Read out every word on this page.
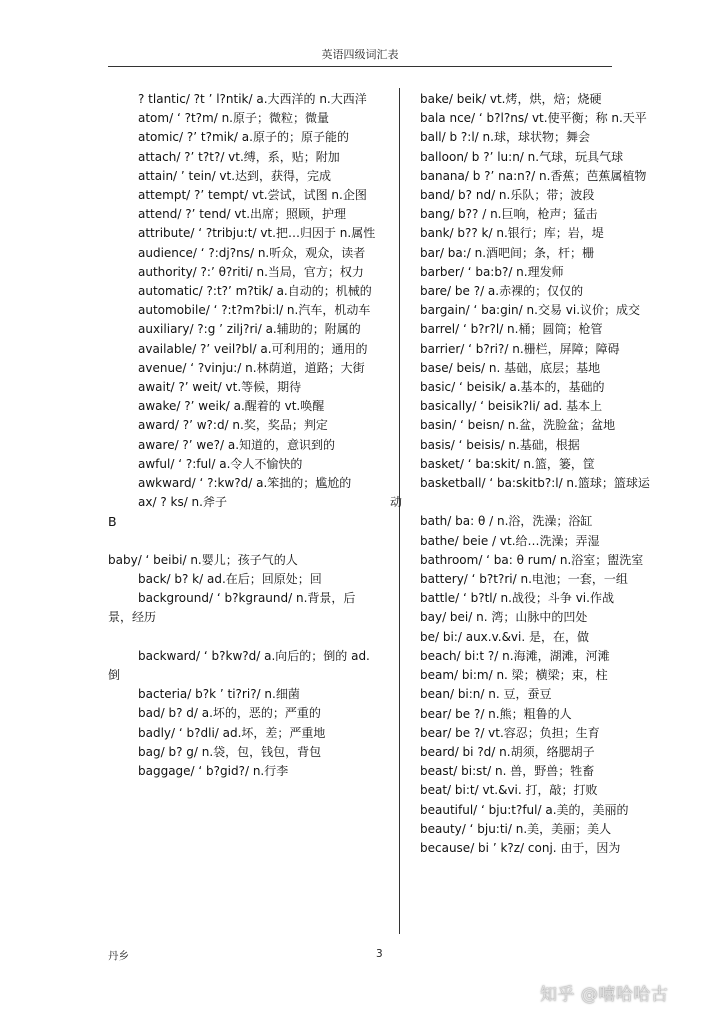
英语四级词汇表
? tlantic/ ?t ’ l?ntik/ a.大西洋的 n.大西洋
atom/ ‘ ?t?m/ n.原子；微粒；微量
atomic/ ?’ t?mik/ a.原子的；原子能的
attach/ ?’ t?t?/ vt.缚，系，贴；附加
attain/ ’ tein/ vt.达到，获得，完成
attempt/ ?’ tempt/ vt.尝试，试图 n.企图
attend/ ?’ tend/ vt.出席；照顾，护理
attribute/ ‘ ?tribju:t/ vt.把…归因于 n.属性
audience/ ‘ ?:dj?ns/ n.听众，观众，读者
authority/ ?:’ θ?riti/ n.当局，官方；权力
automatic/ ?:t?’ m?tik/ a.自动的；机械的
automobile/ ‘ ?:t?m?bi:l/ n.汽车，机动车
auxiliary/ ?:g ’ zilj?ri/ a.辅助的；附属的
available/ ?’ veil?bl/ a.可利用的；通用的
avenue/ ‘ ?vinju:/ n.林荫道，道路；大街
await/ ?’ weit/ vt.等候，期待
awake/ ?’ weik/ a.醒着的 vt.唤醒
award/ ?’ w?:d/ n.奖，奖品；判定
aware/ ?’ we?/ a.知道的，意识到的
awful/ ‘ ?:ful/ a.令人不愉快的
awkward/ ‘ ?:kw?d/ a.笨拙的；尴尬的
ax/ ? ks/ n.斧子
B
baby/ ‘ beibi/ n.婴儿；孩子气的人
back/ b? k/ ad.在后；回原处；回
background/ ‘ b?kgraund/ n.背景，后景，经历
backward/ ‘ b?kw?d/ a.向后的；倒的 ad.倒
bacteria/ b?k ’ ti?ri?/ n.细菌
bad/ b? d/ a.坏的，恶的；严重的
badly/ ‘ b?dli/ ad.坏，差；严重地
bag/ b? g/ n.袋，包，钱包，背包
baggage/ ‘ b?gid?/ n.行李
bake/ beik/ vt.烤，烘，焙；烧硬
bala nce/ ‘ b?l?ns/ vt.使平衡；称 n.天平
ball/ b ?:l/ n.球，球状物；舞会
balloon/ b ?’ lu:n/ n.气球，玩具气球
banana/ b ?’ na:n?/ n.香蕉；芭蕉属植物
band/ b? nd/ n.乐队；带；波段
bang/ b?? / n.巨响，枪声；猛击
bank/ b?? k/ n.银行；库；岩，堤
bar/ ba:/ n.酒吧间；条，杆；栅
barber/ ‘ ba:b?/ n.理发师
bare/ be ?/ a.赤裸的；仅仅的
bargain/ ‘ ba:gin/ n.交易 vi.议价；成交
barrel/ ‘ b?r?l/ n.桶；圆筒；枪管
barrier/ ‘ b?ri?/ n.栅栏，屏障；障碍
base/ beis/ n. 基础，底层；基地
basic/ ‘ beisik/ a.基本的，基础的
basically/ ‘ beisik?li/ ad. 基本上
basin/ ‘ beisn/ n.盆，洗脸盆；盆地
basis/ ‘ beisis/ n.基础，根据
basket/ ‘ ba:skit/ n.篮，篓，筐
basketball/ ‘ ba:skitb?:l/ n.篮球；篮球运动
bath/ ba: θ / n.浴，洗澡；浴缸
bathe/ beie / vt.给…洗澡；弄湿
bathroom/ ‘ ba: θ rum/ n.浴室；盥洗室
battery/ ‘ b?t?ri/ n.电池；一套，一组
battle/ ‘ b?tl/ n.战役；斗争 vi.作战
bay/ bei/ n. 湾；山脉中的凹处
be/ bi:/ aux.v.&vi. 是，在，做
beach/ bi:t ?/ n.海滩，湖滩，河滩
beam/ bi:m/ n. 梁；横梁；束，柱
bean/ bi:n/ n. 豆，蚕豆
bear/ be ?/ n.熊；粗鲁的人
bear/ be ?/ vt.容忍；负担；生育
beard/ bi ?d/ n.胡须，络腮胡子
beast/ bi:st/ n. 兽，野兽；牲畜
beat/ bi:t/ vt.&vi. 打，敲；打败
beautiful/ ‘ bju:t?ful/ a.美的，美丽的
beauty/ ‘ bju:ti/ n.美，美丽；美人
because/ bi ’ k?z/ conj. 由于，因为
丹乡	3
知乎 @嘻哈哈古
